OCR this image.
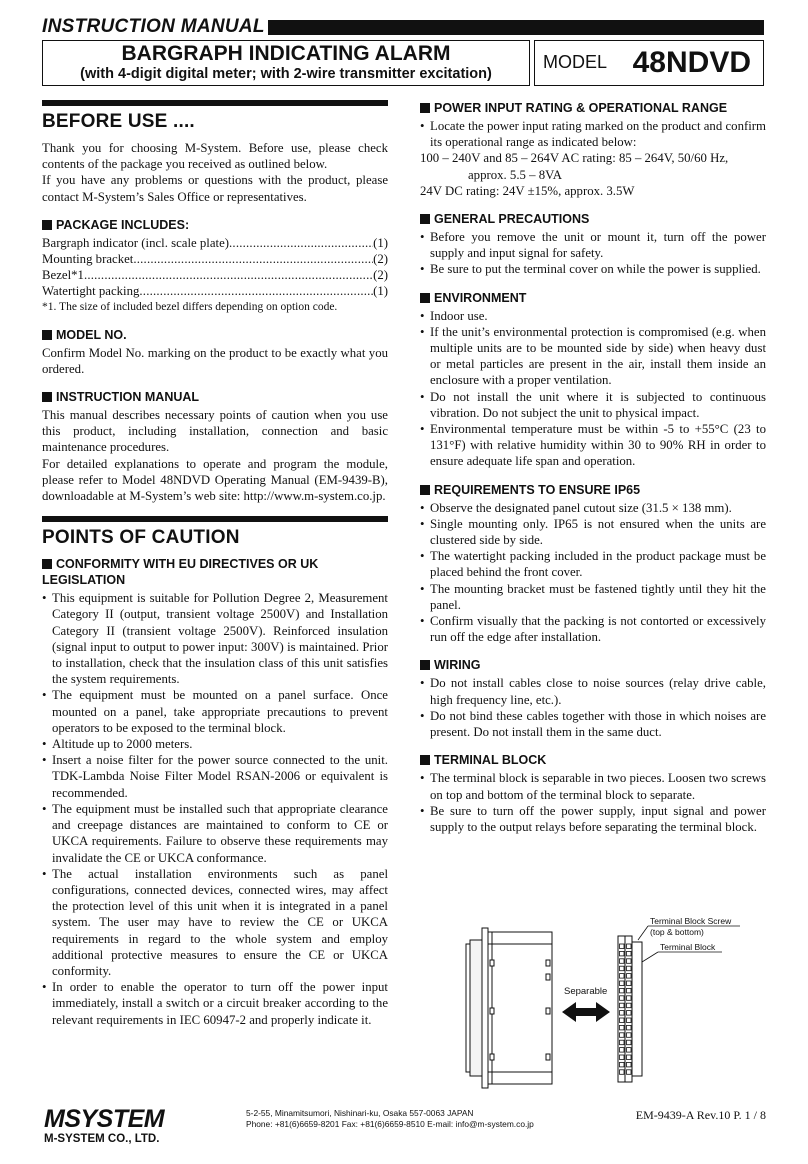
INSTRUCTION MANUAL
BARGRAPH INDICATING ALARM
(with 4-digit digital meter; with 2-wire transmitter excitation)
MODEL 48NDVD
BEFORE USE ....

Thank you for choosing M-System. Before use, please check contents of the package you received as outlined below.

If you have any problems or questions with the product, please contact M-System’s Sales Office or representatives.

PACKAGE INCLUDES:
Bargraph indicator (incl. scale plate) .....	(1)
Mounting bracket .....	(2)
Bezel*1 .....	(2)
Watertight packing .....	(1)
*1. The size of included bezel differs depending on option code.
MODEL NO.

Confirm Model No. marking on the product to be exactly what you ordered.

INSTRUCTION MANUAL

This manual describes necessary points of caution when you use this product, including installation, connection and basic maintenance procedures.

For detailed explanations to operate and program the module, please refer to Model 48NDVD Operating Manual (EM-9439-B), downloadable at M-System’s web site: http://www.m-system.co.jp.

POINTS OF CAUTION
CONFORMITY WITH EU DIRECTIVES OR UK LEGISLATION
• This equipment is suitable for Pollution Degree 2, Measurement Category II (output, transient voltage 2500V) and Installation Category II (transient voltage 2500V). Reinforced insulation (signal input to output to power input: 300V) is maintained. Prior to installation, check that the insulation class of this unit satisfies the system requirements.
• The equipment must be mounted on a panel surface. Once mounted on a panel, take appropriate precautions to prevent operators to be exposed to the terminal block.
• Altitude up to 2000 meters.
• Insert a noise filter for the power source connected to the unit. TDK-Lambda Noise Filter Model RSAN-2006 or equivalent is recommended.
• The equipment must be installed such that appropriate clearance and creepage distances are maintained to conform to CE or UKCA requirements. Failure to observe these requirements may invalidate the CE or UKCA conformance.
• The actual installation environments such as panel configurations, connected devices, connected wires, may affect the protection level of this unit when it is integrated in a panel system. The user may have to review the CE or UKCA requirements in regard to the whole system and employ additional protective measures to ensure the CE or UKCA conformity.
• In order to enable the operator to turn off the power input immediately, install a switch or a circuit breaker according to the relevant requirements in IEC 60947-2 and properly indicate it.
POWER INPUT RATING & OPERATIONAL RANGE
• Locate the power input rating marked on the product and confirm its operational range as indicated below:
100 – 240V and 85 – 264V AC rating: 85 – 264V, 50/60 Hz,
approx. 5.5 – 8VA
24V DC rating: 24V ±15%, approx. 3.5W
GENERAL PRECAUTIONS
• Before you remove the unit or mount it, turn off the power supply and input signal for safety.
• Be sure to put the terminal cover on while the power is supplied.
ENVIRONMENT
• Indoor use.
• If the unit’s environmental protection is compromised (e.g. when multiple units are to be mounted side by side) when heavy dust or metal particles are present in the air, install them inside an enclosure with a proper ventilation.
• Do not install the unit where it is subjected to continuous vibration. Do not subject the unit to physical impact.
• Environmental temperature must be within -5 to +55°C (23 to 131°F) with relative humidity within 30 to 90% RH in order to ensure adequate life span and operation.
REQUIREMENTS TO ENSURE IP65
• Observe the designated panel cutout size (31.5 × 138 mm).
• Single mounting only. IP65 is not ensured when the units are clustered side by side.
• The watertight packing included in the product package must be placed behind the front cover.
• The mounting bracket must be fastened tightly until they hit the panel.
• Confirm visually that the packing is not contorted or excessively run off the edge after installation.
WIRING
• Do not install cables close to noise sources (relay drive cable, high frequency line, etc.).
• Do not bind these cables together with those in which noises are present. Do not install them in the same duct.
TERMINAL BLOCK
• The terminal block is separable in two pieces. Loosen two screws on top and bottom of the terminal block to separate.
• Be sure to turn off the power supply, input signal and power supply to the output relays before separating the terminal block.
Separable
Terminal Block Screw
(top & bottom)
Terminal Block
MSYSTEM
M-SYSTEM CO., LTD.
5-2-55, Minamitsumori, Nishinari-ku, Osaka 557-0063 JAPAN
Phone: +81(6)6659-8201 Fax: +81(6)6659-8510 E-mail: info@m-system.co.jp
EM-9439-A Rev.10 P. 1 / 8
